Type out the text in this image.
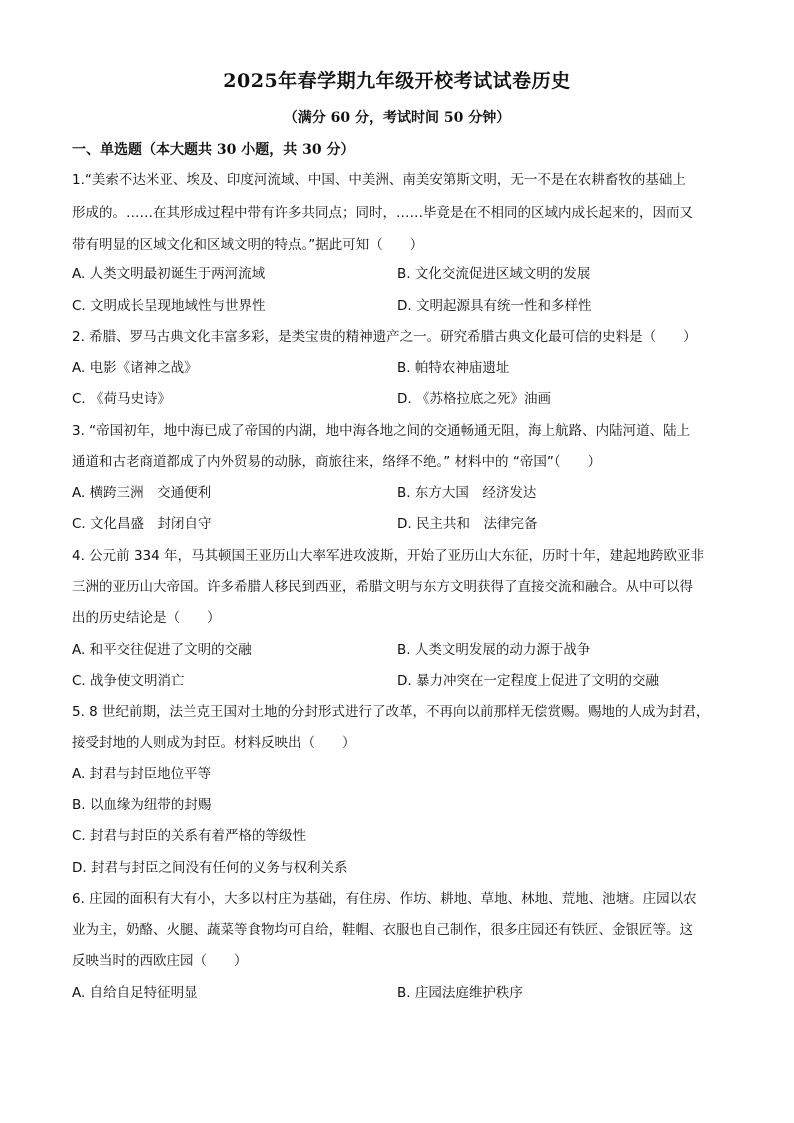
2025年春学期九年级开校考试试卷历史
（满分 60 分，考试时间 50 分钟）
一、单选题（本大题共 30 小题，共 30 分）
1.“美索不达米亚、埃及、印度河流域、中国、中美洲、南美安第斯文明，无一不是在农耕畜牧的基础上
形成的。……在其形成过程中带有许多共同点；同时，……毕竟是在不相同的区域内成长起来的，因而又
带有明显的区域文化和区域文明的特点。”据此可知（　　）
A. 人类文明最初诞生于两河流域	B. 文化交流促进区域文明的发展
C. 文明成长呈现地域性与世界性	D. 文明起源具有统一性和多样性
2. 希腊、罗马古典文化丰富多彩，是类宝贵的精神遗产之一。研究希腊古典文化最可信的史料是（　　）
A. 电影《诸神之战》	B. 帕特农神庙遗址
C. 《荷马史诗》	D. 《苏格拉底之死》油画
3. “帝国初年，地中海已成了帝国的内湖，地中海各地之间的交通畅通无阻，海上航路、内陆河道、陆上
通道和古老商道都成了内外贸易的动脉，商旅往来，络绎不绝。” 材料中的 “帝国”（　　）
A. 横跨三洲　交通便利	B. 东方大国　经济发达
C. 文化昌盛　封闭自守	D. 民主共和　法律完备
4. 公元前 334 年，马其顿国王亚历山大率军进攻波斯，开始了亚历山大东征，历时十年，建起地跨欧亚非
三洲的亚历山大帝国。许多希腊人移民到西亚，希腊文明与东方文明获得了直接交流和融合。从中可以得
出的历史结论是（　　）
A. 和平交往促进了文明的交融	B. 人类文明发展的动力源于战争
C. 战争使文明消亡	D. 暴力冲突在一定程度上促进了文明的交融
5. 8 世纪前期，法兰克王国对土地的分封形式进行了改革，不再向以前那样无偿赏赐。赐地的人成为封君，
接受封地的人则成为封臣。材料反映出（　　）
A. 封君与封臣地位平等
B. 以血缘为纽带的封赐
C. 封君与封臣的关系有着严格的等级性
D. 封君与封臣之间没有任何的义务与权利关系
6. 庄园的面积有大有小，大多以村庄为基础，有住房、作坊、耕地、草地、林地、荒地、池塘。庄园以农
业为主，奶酪、火腿、蔬菜等食物均可自给，鞋帽、衣服也自己制作，很多庄园还有铁匠、金银匠等。这
反映当时的西欧庄园（　　）
A. 自给自足特征明显	B. 庄园法庭维护秩序
